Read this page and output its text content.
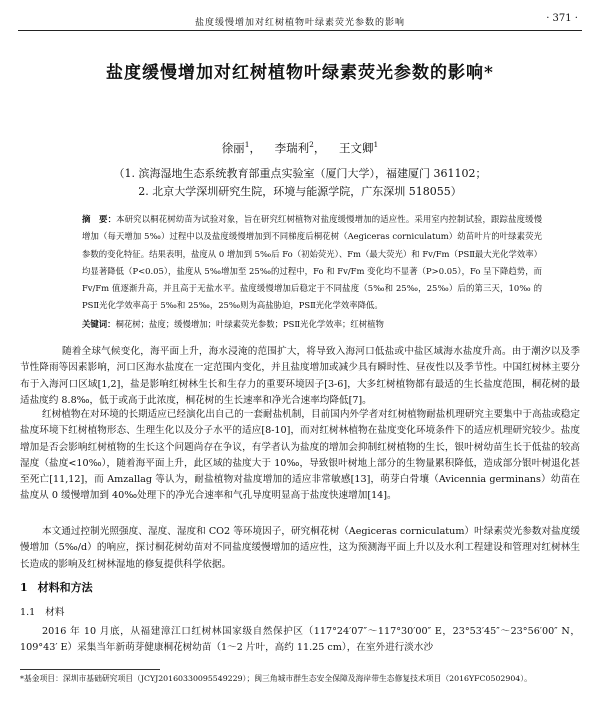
盐度缓慢增加对红树植物叶绿素荧光参数的影响	· 371 ·
盐度缓慢增加对红树植物叶绿素荧光参数的影响*
徐丽$^1$， 李瑞利$^2$， 王文卿$^1$
（1. 滨海湿地生态系统教育部重点实验室（厦门大学），福建厦门 361102；
2. 北京大学深圳研究生院，环境与能源学院，广东深圳 518055）
摘　要：本研究以桐花树幼苗为试验对象，旨在研究红树植物对盐度缓慢增加的适应性。采用室内控制试验，跟踪盐度缓慢增加（每天增加 5‰）过程中以及盐度缓慢增加到不同梯度后桐花树（Aegiceras corniculatum）幼苗叶片的叶绿素荧光参数的变化特征。结果表明，盐度从 0 增加到 5‰后 Fo（初始荧光）、Fm（最大荧光）和 Fv/Fm（PSⅡ最大光化学效率）均显著降低（P<0.05），盐度从 5‰增加至 25‰的过程中，Fo 和 Fv/Fm 变化均不显著（P>0.05），Fo 呈下降趋势，而 Fv/Fm 值逐渐升高，并且高于无盐水平。盐度缓慢增加后稳定于不同盐度（5‰和 25‰，25‰）后的第三天，10‰ 的 PSⅡ光化学效率高于 5‰和 25‰，25‰则为高盐胁迫，PSⅡ光化学效率降低。
关键词：桐花树；盐度；缓慢增加；叶绿素荧光参数；PSⅡ光化学效率；红树植物
随着全球气候变化，海平面上升，海水浸淹的范围扩大，将导致入海河口低盐或中盐区域海水盐度升高。由于潮汐以及季节性降雨等因素影响，河口区海水盐度在一定范围内变化，并且盐度增加或减少具有瞬时性、昼夜性以及季节性。中国红树林主要分布于入海河口区域[1,2]，盐是影响红树林生长和生存力的重要环境因子[3-6]，大多红树植物都有最适的生长盐度范围，桐花树的最适盐度约 8.8‰，低于或高于此浓度，桐花树的生长速率和净光合速率均降低[7]。
红树植物在对环境的长期适应已经演化出自己的一套耐盐机制，目前国内外学者对红树植物耐盐机理研究主要集中于高盐或稳定盐度环境下红树植物形态、生理生化以及分子水平的适应[8-10]，而对红树林植物在盐度变化环境条件下的适应机理研究较少。盐度增加是否会影响红树植物的生长这个问题尚存在争议，有学者认为盐度的增加会抑制红树植物的生长，银叶树幼苗生长于低盐的较高湿度（盐度<10‰），随着海平面上升，此区域的盐度大于 10‰，导致银叶树地上部分的生物量累积降低，造成部分银叶树退化甚至死亡[11,12]，而 Amzallag 等认为，耐盐植物对盐度增加的适应非常敏感[13]，萌芽白骨壤（Avicennia germinans）幼苗在盐度从 0 缓慢增加到 40‰处理下的净光合速率和气孔导度明显高于盐度快速增加[14]。
本文通过控制光照强度、湿度、湿度和 CO2 等环境因子，研究桐花树（Aegiceras corniculatum）叶绿素荧光参数对盐度缓慢增加（5‰/d）的响应，探讨桐花树幼苗对不同盐度缓慢增加的适应性，这为预测海平面上升以及水利工程建设和管理对红树林生长造成的影响及红树林湿地的修复提供科学依据。
1 材料和方法
1.1 材料
2016 年 10 月底，从福建漳江口红树林国家级自然保护区（117°24′07″～117°30′00″ E，23°53′45″～23°56′00″ N，109°43′ E）采集当年新萌芽健康桐花树幼苗（1～2 片叶，高约 11.25 cm），在室外进行淡水沙
*基金项目：深圳市基础研究项目（JCYJ20160330095549229）；闽三角城市群生态安全保障及海岸带生态修复技术项目（2016YFC0502904）。
